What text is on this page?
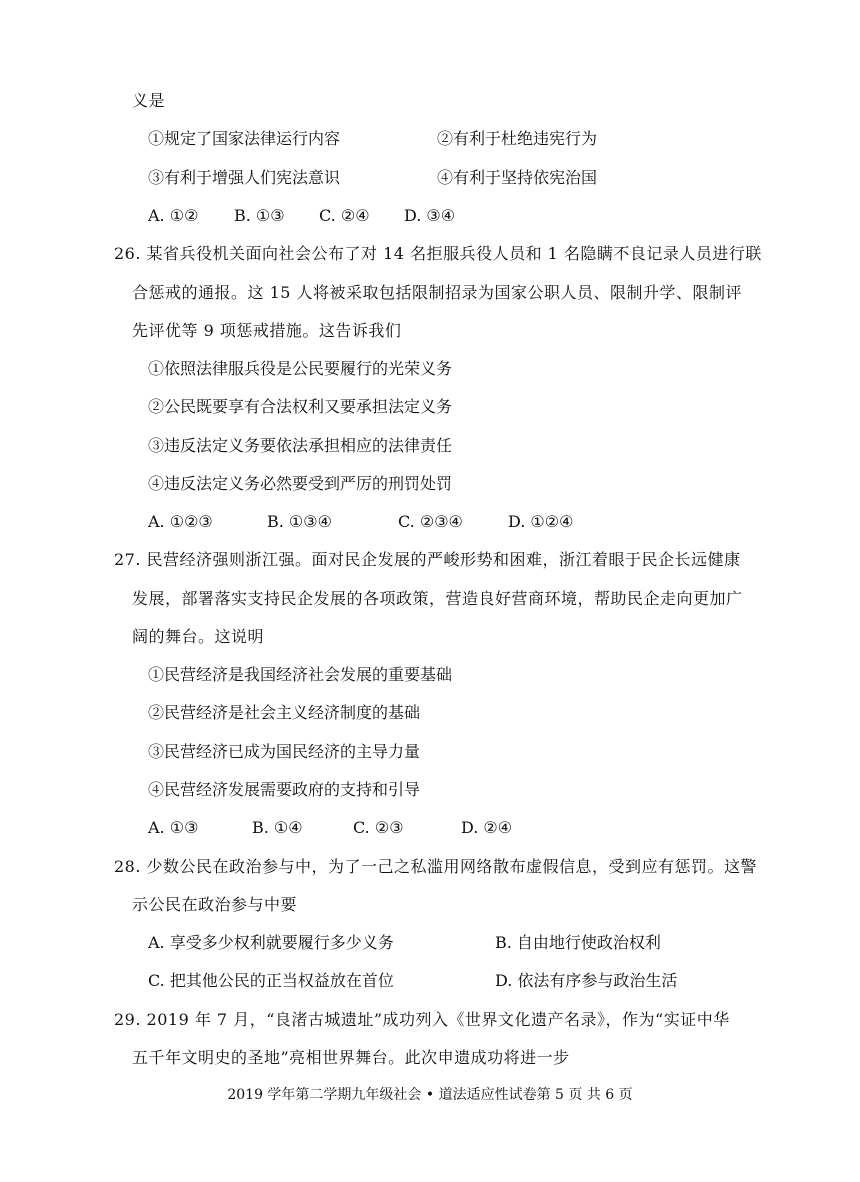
义是
①规定了国家法律运行内容	②有利于杜绝违宪行为
③有利于增强人们宪法意识	④有利于坚持依宪治国
A. ①② B. ①③ C. ②④ D. ③④
26. 某省兵役机关面向社会公布了对 14 名拒服兵役人员和 1 名隐瞒不良记录人员进行联
合惩戒的通报。这 15 人将被采取包括限制招录为国家公职人员、限制升学、限制评
先评优等 9 项惩戒措施。这告诉我们
①依照法律服兵役是公民要履行的光荣义务
②公民既要享有合法权利又要承担法定义务
③违反法定义务要依法承担相应的法律责任
④违反法定义务必然要受到严厉的刑罚处罚
A. ①②③	B. ①③④	C. ②③④	D. ①②④
27. 民营经济强则浙江强。面对民企发展的严峻形势和困难，浙江着眼于民企长远健康
发展，部署落实支持民企发展的各项政策，营造良好营商环境，帮助民企走向更加广
阔的舞台。这说明
①民营经济是我国经济社会发展的重要基础
②民营经济是社会主义经济制度的基础
③民营经济已成为国民经济的主导力量
④民营经济发展需要政府的支持和引导
A. ①③	B. ①④	C. ②③	D. ②④
28. 少数公民在政治参与中，为了一己之私滥用网络散布虚假信息，受到应有惩罚。这警
示公民在政治参与中要
A. 享受多少权利就要履行多少义务	B. 自由地行使政治权利
C. 把其他公民的正当权益放在首位	D. 依法有序参与政治生活
29. 2019 年 7 月，“良渚古城遗址”成功列入《世界文化遗产名录》，作为“实证中华
五千年文明史的圣地”亮相世界舞台。此次申遗成功将进一步
2019 学年第二学期九年级社会 • 道法适应性试卷第 5 页 共 6 页
